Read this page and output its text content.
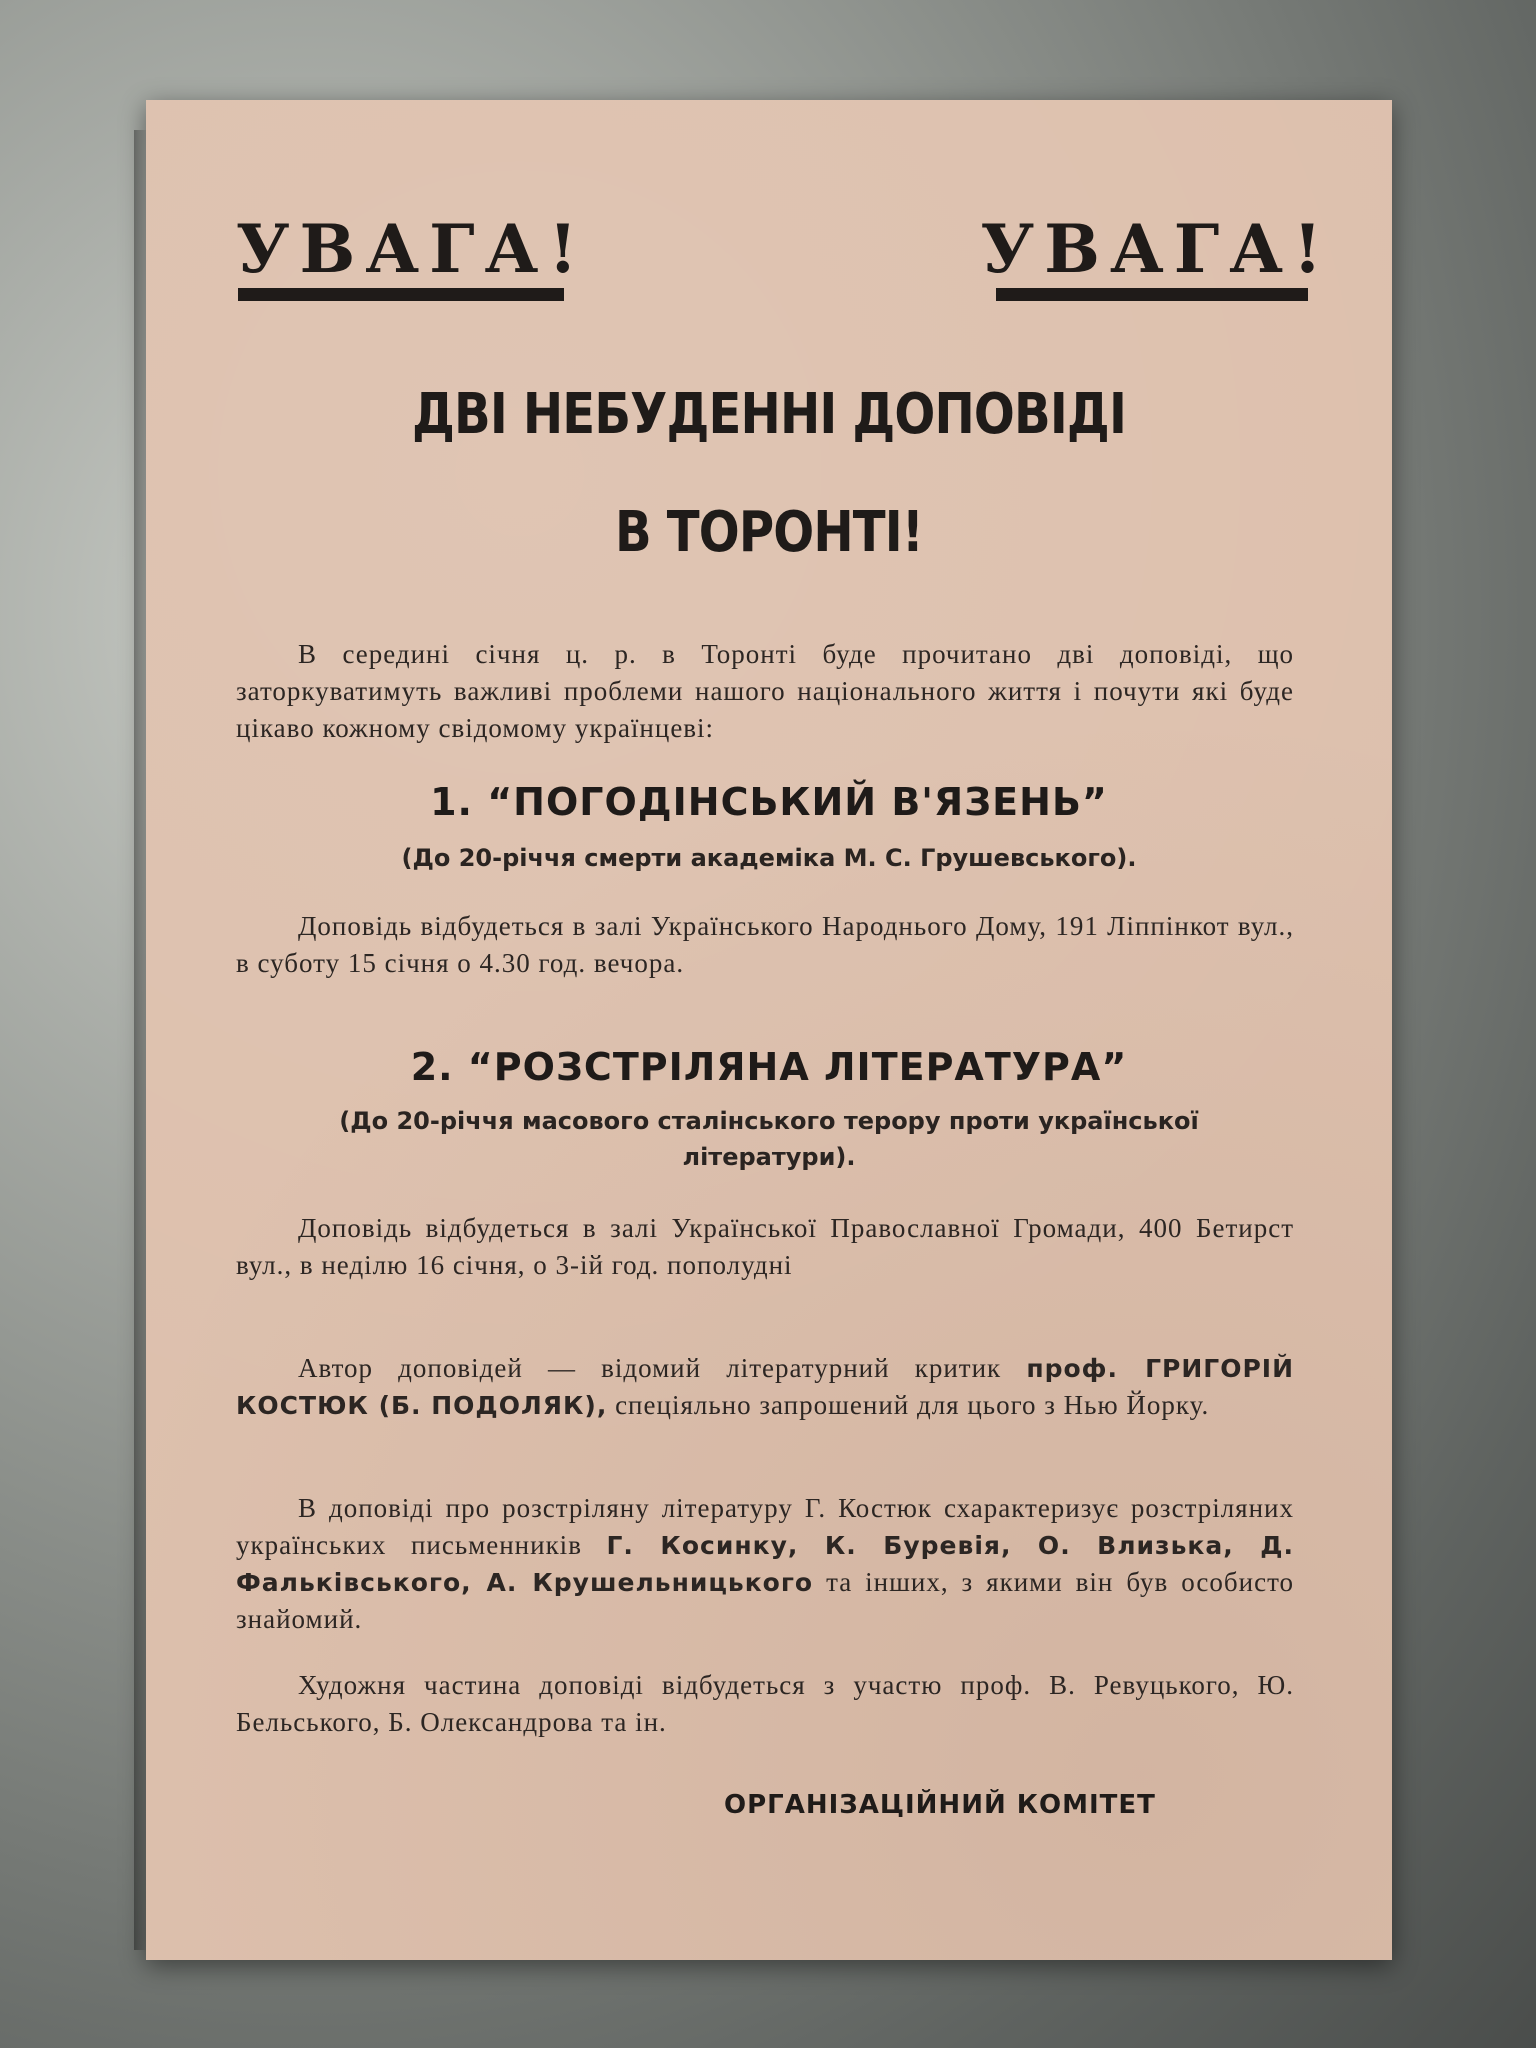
УВАГА!	УВАГА!
ДВІ НЕБУДЕННІ ДОПОВІДІ
В ТОРОНТІ!
В середині січня ц. р. в Торонті буде прочитано дві доповіді, що заторкуватимуть важливі проблеми нашого національного життя і почути які буде цікаво кожному свідомому українцеві:
1. “ПОГОДІНСЬКИЙ В'ЯЗЕНЬ”
(До 20-річчя смерти академіка М. С. Грушевського).
Доповідь відбудеться в залі Українського Народнього Дому, 191 Ліппінкот вул., в суботу 15 січня о 4.30 год. вечора.
2. “РОЗСТРІЛЯНА ЛІТЕРАТУРА”
(До 20-річчя масового сталінського терору проти української літератури).
Доповідь відбудеться в залі Української Православної Громади, 400 Бетирст вул., в неділю 16 січня, о 3-ій год. пополудні
Автор доповідей — відомий літературний критик проф. ГРИГОРІЙ КОСТЮК (Б. ПОДОЛЯК), спеціяльно запрошений для цього з Нью Йорку.
В доповіді про розстріляну літературу Г. Костюк схарактеризує розстріляних українських письменників Г. Косинку, К. Буревія, О. Влизька, Д. Фальківського, А. Крушельницького та інших, з якими він був особисто знайомий.
Художня частина доповіді відбудеться з участю проф. В. Ревуцького, Ю. Бельського, Б. Олександрова та ін.
ОРГАНІЗАЦІЙНИЙ КОМІТЕТ
